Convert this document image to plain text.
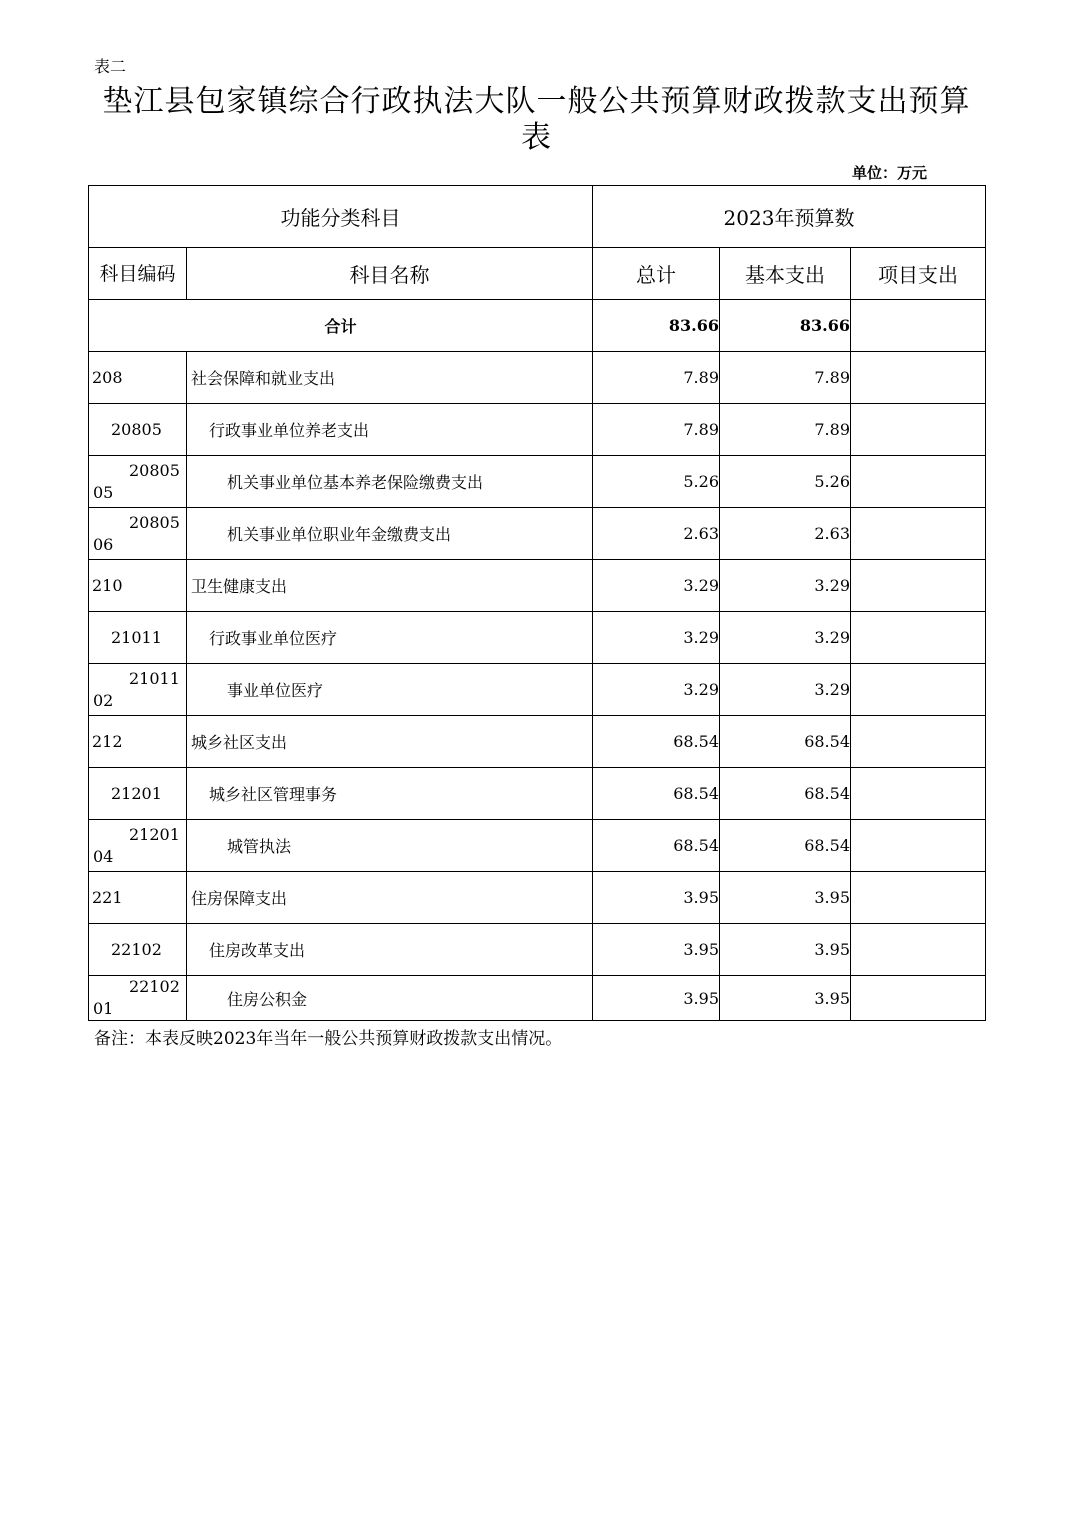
表二
垫江县包家镇综合行政执法大队一般公共预算财政拨款支出预算表
单位：万元
功能分类科目		2023年预算数		
科目编码	科目名称	总计	基本支出	项目支出
合计		83.66	83.66	
208	社会保障和就业支出	7.89	7.89	
20805	行政事业单位养老支出	7.89	7.89	

2080505	机关事业单位基本养老保险缴费支出	5.26	5.26	

2080506	机关事业单位职业年金缴费支出	2.63	2.63	
210	卫生健康支出	3.29	3.29	
21011	行政事业单位医疗	3.29	3.29	

2101102	事业单位医疗	3.29	3.29	
212	城乡社区支出	68.54	68.54	
21201	城乡社区管理事务	68.54	68.54	

2120104	城管执法	68.54	68.54	
221	住房保障支出	3.95	3.95	
22102	住房改革支出	3.95	3.95	

2210201	住房公积金	3.95	3.95	
备注：本表反映2023年当年一般公共预算财政拨款支出情况。
